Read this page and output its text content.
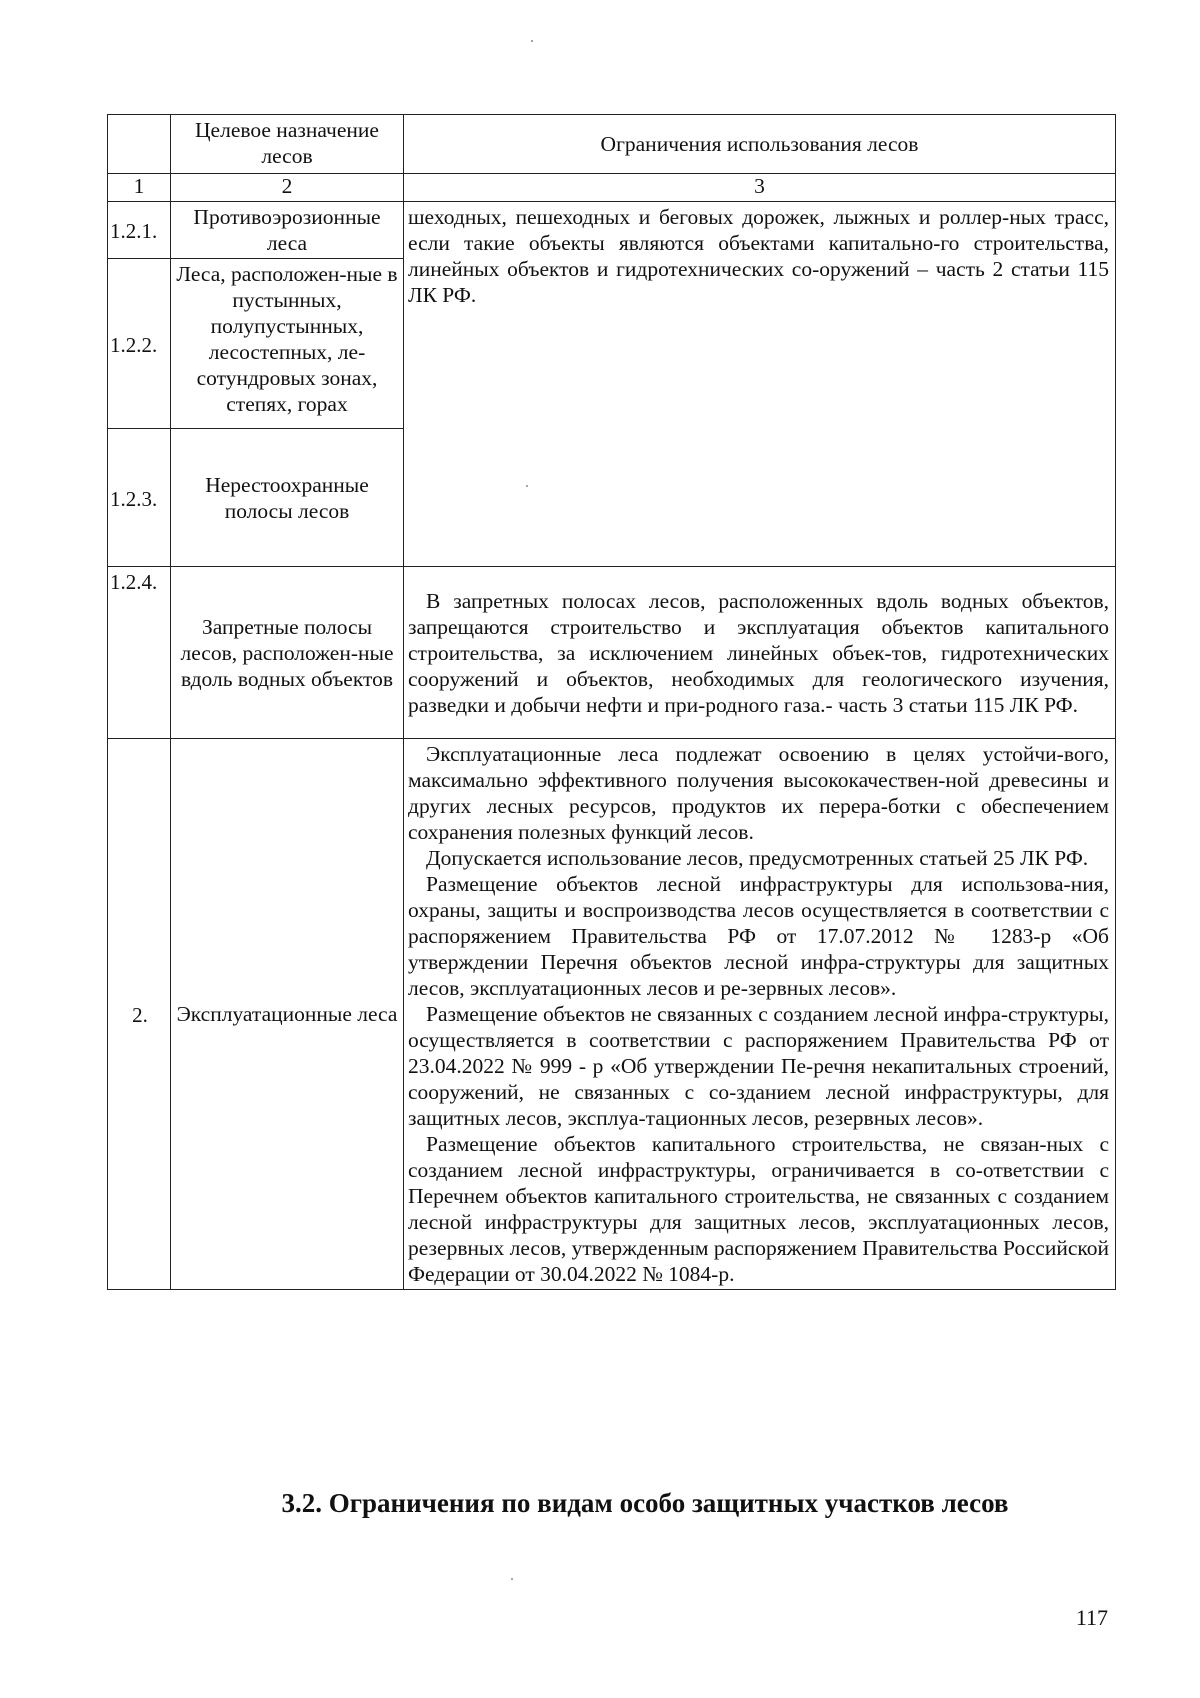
	Целевое назначение лесов	Ограничения использования лесов
1	2	3
1.2.1.	Противоэрозионные леса	шеходных, пешеходных и беговых дорожек, лыжных и роллер-ных трасс, если такие объекты являются объектами капитально-го строительства, линейных объектов и гидротехнических со-оружений – часть 2 статьи 115 ЛК РФ.

1.2.2.	Леса, расположен-ные в пустынных, полупустынных, лесостепных, ле-сотундровых зонах, степях, горах	
1.2.3.	Нерестоохранные полосы лесов	
1.2.4.	Запретные полосы лесов, расположен-ные вдоль водных объектов	В запретных полосах лесов, расположенных вдоль водных объектов, запрещаются строительство и эксплуатация объектов капитального строительства, за исключением линейных объек-тов, гидротехнических сооружений и объектов, необходимых для геологического изучения, разведки и добычи нефти и при-родного газа.- часть 3 статьи 115 ЛК РФ.

2.	Эксплуатационные леса	Эксплуатационные леса подлежат освоению в целях устойчи-вого, максимально эффективного получения высококачествен-ной древесины и других лесных ресурсов, продуктов их перера-ботки с обеспечением сохранения полезных функций лесов.

Допускается использование лесов, предусмотренных статьей 25 ЛК РФ.

Размещение объектов лесной инфраструктуры для использова-ния, охраны, защиты и воспроизводства лесов осуществляется в соответствии с распоряжением Правительства РФ от 17.07.2012 № 1283-р «Об утверждении Перечня объектов лесной инфра-структуры для защитных лесов, эксплуатационных лесов и ре-зервных лесов».

Размещение объектов не связанных с созданием лесной инфра-структуры, осуществляется в соответствии с распоряжением Правительства РФ от 23.04.2022 № 999 - р «Об утверждении Пе-речня некапитальных строений, сооружений, не связанных с со-зданием лесной инфраструктуры, для защитных лесов, эксплуа-тационных лесов, резервных лесов».

Размещение объектов капитального строительства, не связан-ных с созданием лесной инфраструктуры, ограничивается в со-ответствии с Перечнем объектов капитального строительства, не связанных с созданием лесной инфраструктуры для защитных лесов, эксплуатационных лесов, резервных лесов, утвержденным распоряжением Правительства Российской Федерации от 30.04.2022 № 1084-р.

3.2. Ограничения по видам особо защитных участков лесов
117
